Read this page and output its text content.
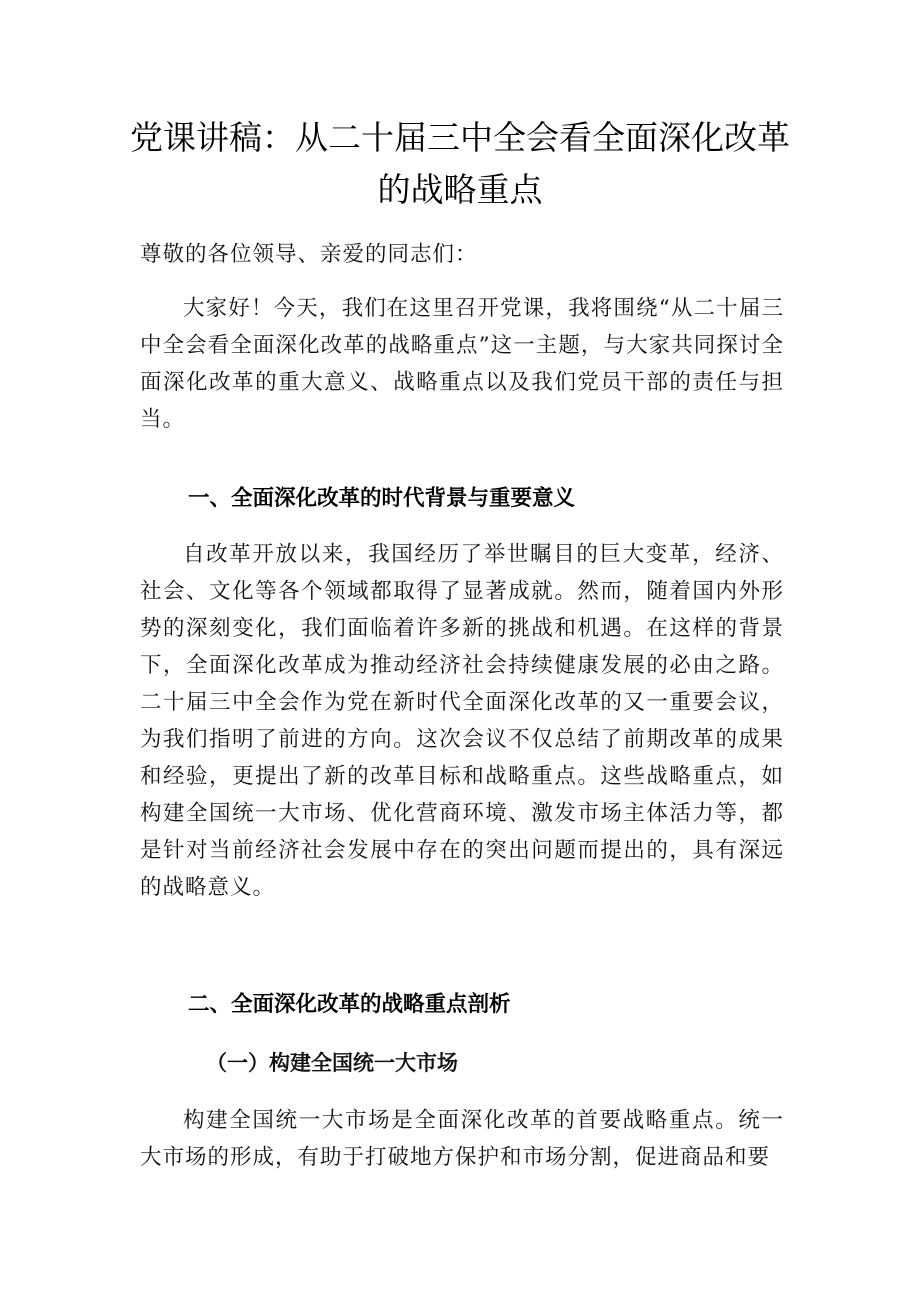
党课讲稿：从二十届三中全会看全面深化改革的战略重点

尊敬的各位领导、亲爱的同志们：

大家好！今天，我们在这里召开党课，我将围绕“从二十届三中全会看全面深化改革的战略重点”这一主题，与大家共同探讨全面深化改革的重大意义、战略重点以及我们党员干部的责任与担当。

一、全面深化改革的时代背景与重要意义

自改革开放以来，我国经历了举世瞩目的巨大变革，经济、社会、文化等各个领域都取得了显著成就。然而，随着国内外形势的深刻变化，我们面临着许多新的挑战和机遇。在这样的背景下，全面深化改革成为推动经济社会持续健康发展的必由之路。二十届三中全会作为党在新时代全面深化改革的又一重要会议，为我们指明了前进的方向。这次会议不仅总结了前期改革的成果和经验，更提出了新的改革目标和战略重点。这些战略重点，如构建全国统一大市场、优化营商环境、激发市场主体活力等，都是针对当前经济社会发展中存在的突出问题而提出的，具有深远的战略意义。

二、全面深化改革的战略重点剖析
（一）构建全国统一大市场

构建全国统一大市场是全面深化改革的首要战略重点。统一大市场的形成，有助于打破地方保护和市场分割，促进商品和要
